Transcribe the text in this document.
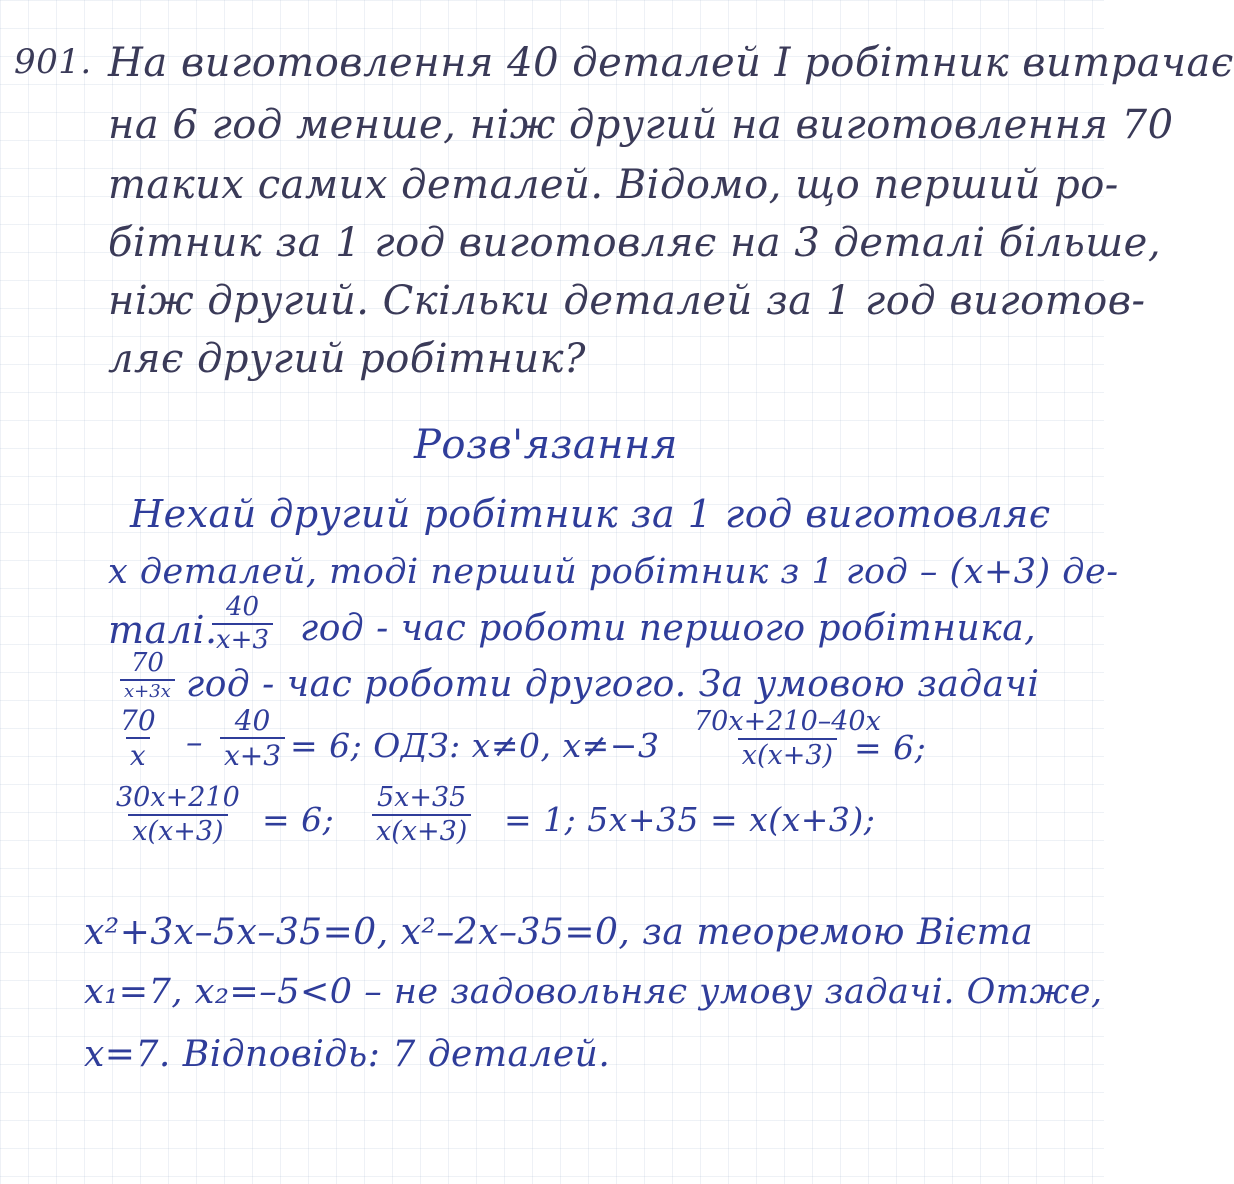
901. На виготовлення 40 деталей І робітник витрачає
на 6 год менше, ніж другий на виготовлення 70
таких самих деталей. Відомо, що перший ро-
бітник за 1 год виготовляє на 3 деталі більше,
ніж другий. Скільки деталей за 1 год виготов-
ляє другий робітник?
Розв'язання
Нехай другий робітник за 1 год виготовляє
x деталей, тоді перший робітник з 1 год – (x+3) де-
талі.
$\frac{40}{x+3}$ год - час роботи першого робітника,
70
x+3x год - час роботи другого. За умовою задачі
$\frac{70}{x} - \frac{40}{x+3} = 6$; ОДЗ: x≠0, $x\ne-3 \frac{70x+210-40x}{x(x+3)}$
= 6;
$\frac{30x+210}{x(x+3)} = 6$; $\frac{5x+35}{x(x+3)} = 1$; 5x+35 = x(x+3);
x²+3x–5x–35=0, x²–2x–35=0, за теоремою Вієта
x₁=7, x₂=–5<0 – не задовольняє умову задачі. Отже,
x=7. Відповідь: 7 деталей.
